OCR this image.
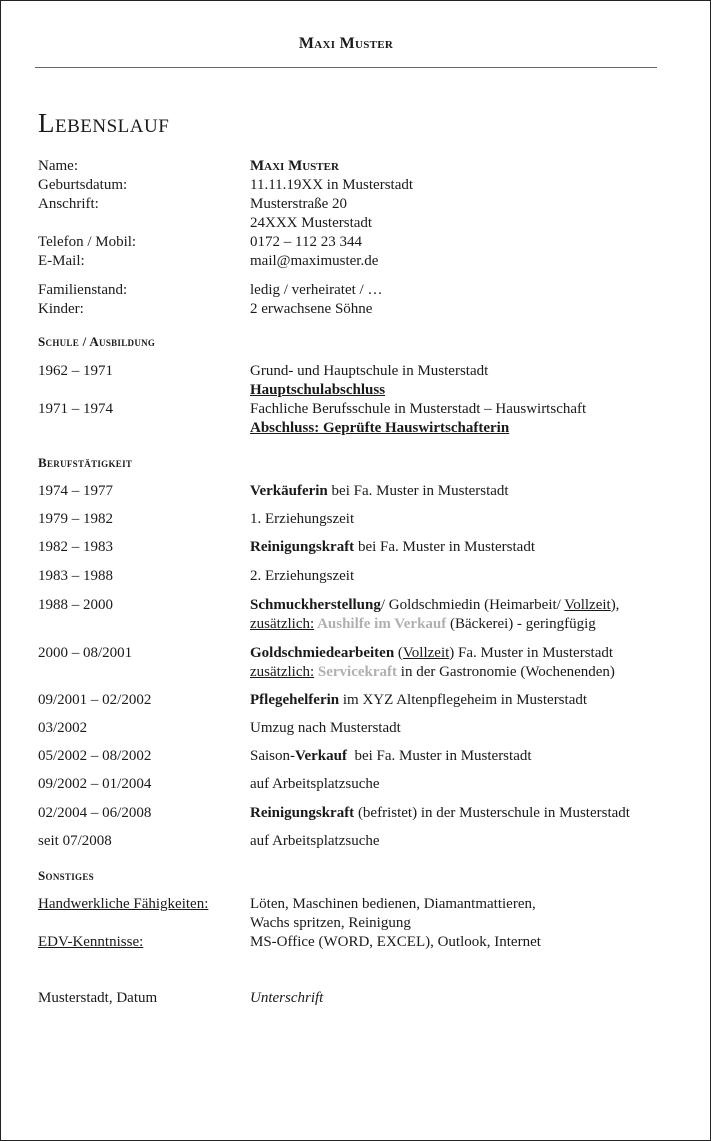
Maxi Muster
Lebenslauf
Name:	Maxi Muster
Geburtsdatum:	11.11.19XX in Musterstadt
Anschrift:	Musterstraße 20
24XXX Musterstadt
Telefon / Mobil:	0172 – 112 23 344
E-Mail:	mail@maximuster.de
Familienstand:	ledig / verheiratet / …
Kinder:	2 erwachsene Söhne
Schule / Ausbildung
1962 – 1971	Grund- und Hauptschule in Musterstadt
Hauptschulabschluss
1971 – 1974	Fachliche Berufsschule in Musterstadt – Hauswirtschaft
Abschluss: Geprüfte Hauswirtschafterin
Berufstätigkeit
1974 – 1977	Verkäuferin bei Fa. Muster in Musterstadt
1979 – 1982	1. Erziehungszeit
1982 – 1983	Reinigungskraft bei Fa. Muster in Musterstadt
1983 – 1988	2. Erziehungszeit
1988 – 2000	Schmuckherstellung/ Goldschmiedin (Heimarbeit/ Vollzeit),
zusätzlich: Aushilfe im Verkauf (Bäckerei) - geringfügig
2000 – 08/2001	Goldschmiedearbeiten (Vollzeit) Fa. Muster in Musterstadt
zusätzlich: Servicekraft in der Gastronomie (Wochenenden)
09/2001 – 02/2002	Pflegehelferin im XYZ Altenpflegeheim in Musterstadt
03/2002	Umzug nach Musterstadt
05/2002 – 08/2002	Saison-Verkauf  bei Fa. Muster in Musterstadt
09/2002 – 01/2004	auf Arbeitsplatzsuche
02/2004 – 06/2008	Reinigungskraft (befristet) in der Musterschule in Musterstadt
seit 07/2008	auf Arbeitsplatzsuche
Sonstiges
Handwerkliche Fähigkeiten:	Löten, Maschinen bedienen, Diamantmattieren,
Wachs spritzen, Reinigung
EDV-Kenntnisse:	MS-Office (WORD, EXCEL), Outlook, Internet
Musterstadt, Datum	Unterschrift
